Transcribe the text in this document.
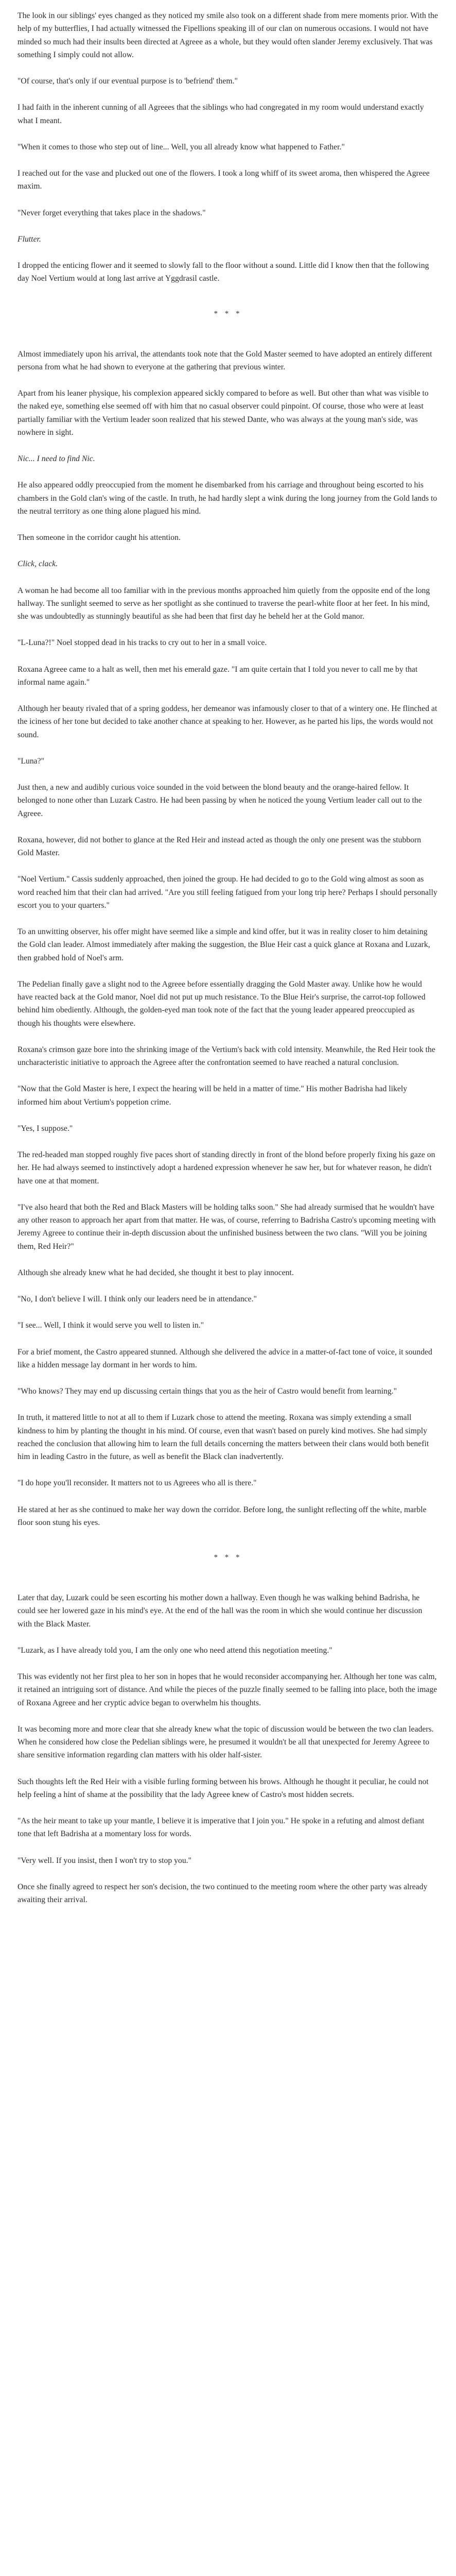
The look in our siblings' eyes changed as they noticed my smile also took on a different shade from mere moments prior. With the help of my butterflies, I had actually witnessed the Fipellions speaking ill of our clan on numerous occasions. I would not have minded so much had their insults been directed at Agreee as a whole, but they would often slander Jeremy exclusively. That was something I simply could not allow.
"Of course, that's only if our eventual purpose is to 'befriend' them."
I had faith in the inherent cunning of all Agreees that the siblings who had congregated in my room would understand exactly what I meant.
"When it comes to those who step out of line... Well, you all already know what happened to Father."
I reached out for the vase and plucked out one of the flowers. I took a long whiff of its sweet aroma, then whispered the Agreee maxim.
"Never forget everything that takes place in the shadows."
Flutter.
I dropped the enticing flower and it seemed to slowly fall to the floor without a sound. Little did I know then that the following day Noel Vertium would at long last arrive at Yggdrasil castle.
* * *
Almost immediately upon his arrival, the attendants took note that the Gold Master seemed to have adopted an entirely different persona from what he had shown to everyone at the gathering that previous winter.
Apart from his leaner physique, his complexion appeared sickly compared to before as well. But other than what was visible to the naked eye, something else seemed off with him that no casual observer could pinpoint. Of course, those who were at least partially familiar with the Vertium leader soon realized that his stewed Dante, who was always at the young man's side, was nowhere in sight.
Nic... I need to find Nic.
He also appeared oddly preoccupied from the moment he disembarked from his carriage and throughout being escorted to his chambers in the Gold clan's wing of the castle. In truth, he had hardly slept a wink during the long journey from the Gold lands to the neutral territory as one thing alone plagued his mind.
Then someone in the corridor caught his attention.
Click, clack.
A woman he had become all too familiar with in the previous months approached him quietly from the opposite end of the long hallway. The sunlight seemed to serve as her spotlight as she continued to traverse the pearl-white floor at her feet. In his mind, she was undoubtedly as stunningly beautiful as she had been that first day he beheld her at the Gold manor.
"L-Luna?!" Noel stopped dead in his tracks to cry out to her in a small voice.
Roxana Agreee came to a halt as well, then met his emerald gaze. "I am quite certain that I told you never to call me by that informal name again."
Although her beauty rivaled that of a spring goddess, her demeanor was infamously closer to that of a wintery one. He flinched at the iciness of her tone but decided to take another chance at speaking to her. However, as he parted his lips, the words would not sound.
"Luna?"
Just then, a new and audibly curious voice sounded in the void between the blond beauty and the orange-haired fellow. It belonged to none other than Luzark Castro. He had been passing by when he noticed the young Vertium leader call out to the Agreee.
Roxana, however, did not bother to glance at the Red Heir and instead acted as though the only one present was the stubborn Gold Master.
"Noel Vertium." Cassis suddenly approached, then joined the group. He had decided to go to the Gold wing almost as soon as word reached him that their clan had arrived. "Are you still feeling fatigued from your long trip here? Perhaps I should personally escort you to your quarters."
To an unwitting observer, his offer might have seemed like a simple and kind offer, but it was in reality closer to him detaining the Gold clan leader. Almost immediately after making the suggestion, the Blue Heir cast a quick glance at Roxana and Luzark, then grabbed hold of Noel's arm.
The Pedelian finally gave a slight nod to the Agreee before essentially dragging the Gold Master away. Unlike how he would have reacted back at the Gold manor, Noel did not put up much resistance. To the Blue Heir's surprise, the carrot-top followed behind him obediently. Although, the golden-eyed man took note of the fact that the young leader appeared preoccupied as though his thoughts were elsewhere.
Roxana's crimson gaze bore into the shrinking image of the Vertium's back with cold intensity. Meanwhile, the Red Heir took the uncharacteristic initiative to approach the Agreee after the confrontation seemed to have reached a natural conclusion.
"Now that the Gold Master is here, I expect the hearing will be held in a matter of time." His mother Badrisha had likely informed him about Vertium's poppetion crime.
"Yes, I suppose."
The red-headed man stopped roughly five paces short of standing directly in front of the blond before properly fixing his gaze on her. He had always seemed to instinctively adopt a hardened expression whenever he saw her, but for whatever reason, he didn't have one at that moment.
"I've also heard that both the Red and Black Masters will be holding talks soon." She had already surmised that he wouldn't have any other reason to approach her apart from that matter. He was, of course, referring to Badrisha Castro's upcoming meeting with Jeremy Agreee to continue their in-depth discussion about the unfinished business between the two clans. "Will you be joining them, Red Heir?"
Although she already knew what he had decided, she thought it best to play innocent.
"No, I don't believe I will. I think only our leaders need be in attendance."
"I see... Well, I think it would serve you well to listen in."
For a brief moment, the Castro appeared stunned. Although she delivered the advice in a matter-of-fact tone of voice, it sounded like a hidden message lay dormant in her words to him.
"Who knows? They may end up discussing certain things that you as the heir of Castro would benefit from learning."
In truth, it mattered little to not at all to them if Luzark chose to attend the meeting. Roxana was simply extending a small kindness to him by planting the thought in his mind. Of course, even that wasn't based on purely kind motives. She had simply reached the conclusion that allowing him to learn the full details concerning the matters between their clans would both benefit him in leading Castro in the future, as well as benefit the Black clan inadvertently.
"I do hope you'll reconsider. It matters not to us Agreees who all is there."
He stared at her as she continued to make her way down the corridor. Before long, the sunlight reflecting off the white, marble floor soon stung his eyes.
* * *
Later that day, Luzark could be seen escorting his mother down a hallway. Even though he was walking behind Badrisha, he could see her lowered gaze in his mind's eye. At the end of the hall was the room in which she would continue her discussion with the Black Master.
"Luzark, as I have already told you, I am the only one who need attend this negotiation meeting."
This was evidently not her first plea to her son in hopes that he would reconsider accompanying her. Although her tone was calm, it retained an intriguing sort of distance. And while the pieces of the puzzle finally seemed to be falling into place, both the image of Roxana Agreee and her cryptic advice began to overwhelm his thoughts.
It was becoming more and more clear that she already knew what the topic of discussion would be between the two clan leaders. When he considered how close the Pedelian siblings were, he presumed it wouldn't be all that unexpected for Jeremy Agreee to share sensitive information regarding clan matters with his older half-sister.
Such thoughts left the Red Heir with a visible furling forming between his brows. Although he thought it peculiar, he could not help feeling a hint of shame at the possibility that the lady Agreee knew of Castro's most hidden secrets.
"As the heir meant to take up your mantle, I believe it is imperative that I join you." He spoke in a refuting and almost defiant tone that left Badrisha at a momentary loss for words.
"Very well. If you insist, then I won't try to stop you."
Once she finally agreed to respect her son's decision, the two continued to the meeting room where the other party was already awaiting their arrival.
